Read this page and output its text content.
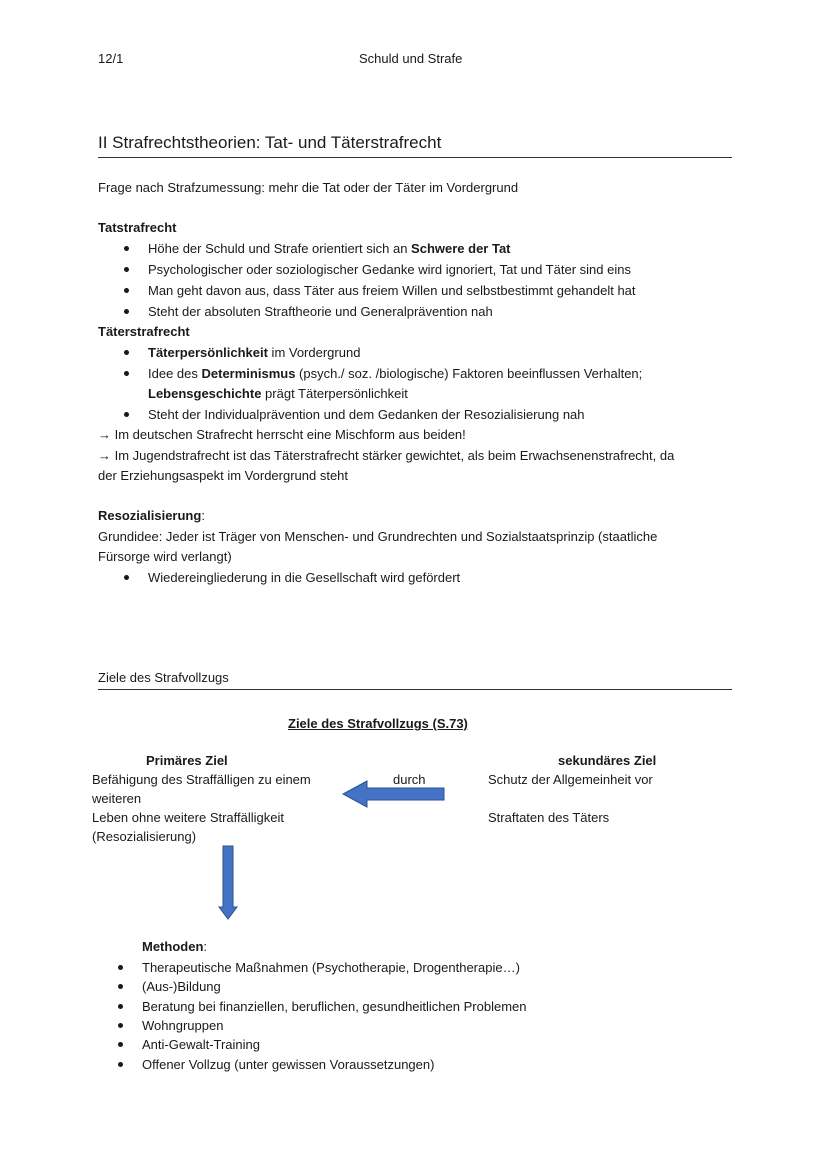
12/1	Schuld und Strafe
II Strafrechtstheorien: Tat- und Täterstrafrecht
Frage nach Strafzumessung: mehr die Tat oder der Täter im Vordergrund
Tatstrafrecht
Höhe der Schuld und Strafe orientiert sich an Schwere der Tat
Psychologischer oder soziologischer Gedanke wird ignoriert, Tat und Täter sind eins
Man geht davon aus, dass Täter aus freiem Willen und selbstbestimmt gehandelt hat
Steht der absoluten Straftheorie und Generalprävention nah
Täterstrafrecht
Täterpersönlichkeit im Vordergrund
Idee des Determinismus (psych./ soz. /biologische) Faktoren beeinflussen Verhalten;
Lebensgeschichte prägt Täterpersönlichkeit
Steht der Individualprävention und dem Gedanken der Resozialisierung nah
→ Im deutschen Strafrecht herrscht eine Mischform aus beiden!
→ Im Jugendstrafrecht ist das Täterstrafrecht stärker gewichtet, als beim Erwachsenenstrafrecht, da
der Erziehungsaspekt im Vordergrund steht
Resozialisierung:
Grundidee: Jeder ist Träger von Menschen- und Grundrechten und Sozialstaatsprinzip (staatliche
Fürsorge wird verlangt)
Wiedereingliederung in die Gesellschaft wird gefördert
Ziele des Strafvollzugs
Ziele des Strafvollzugs (S.73)
Primäres Ziel
Befähigung des Straffälligen zu einem
weiteren
Leben ohne weitere Straffälligkeit
(Resozialisierung)
durch
sekundäres Ziel
Schutz der Allgemeinheit vor
Straftaten des Täters
Methoden:
Therapeutische Maßnahmen (Psychotherapie, Drogentherapie…)
(Aus-)Bildung
Beratung bei finanziellen, beruflichen, gesundheitlichen Problemen
Wohngruppen
Anti-Gewalt-Training
Offener Vollzug (unter gewissen Voraussetzungen)
